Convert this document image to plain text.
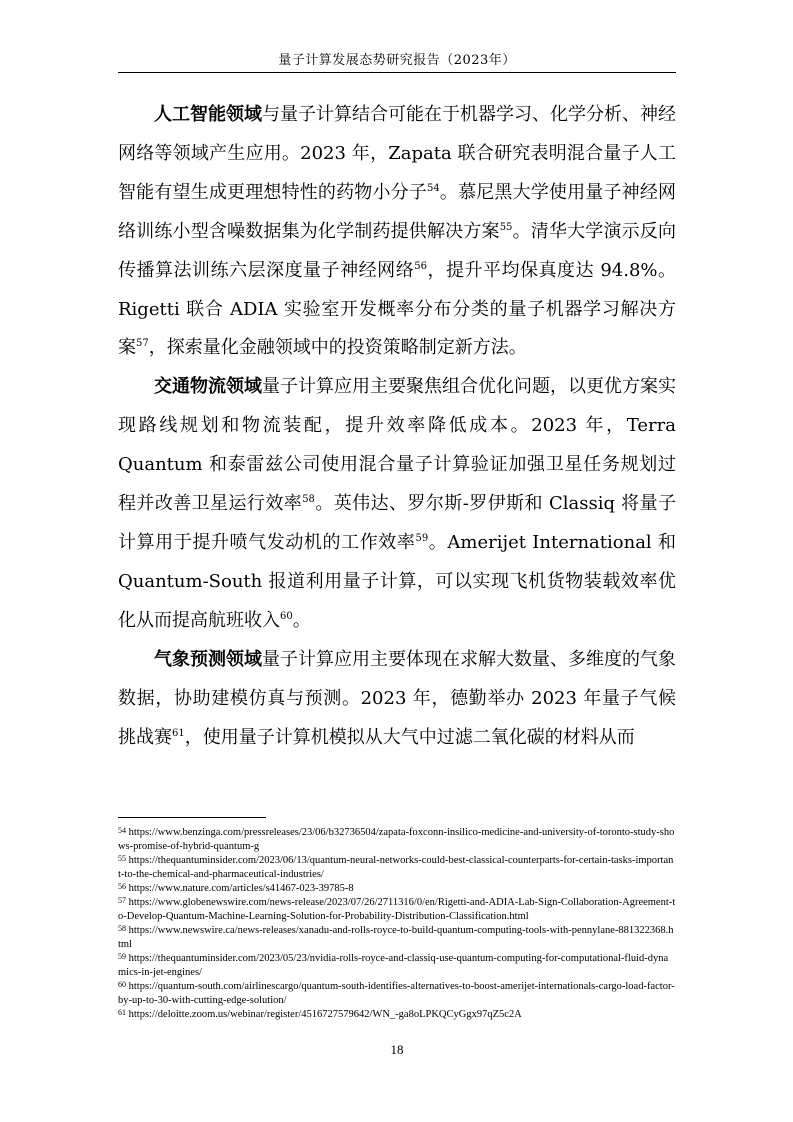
量子计算发展态势研究报告（2023年）

人工智能领域与量子计算结合可能在于机器学习、化学分析、神经网络等领域产生应用。2023 年，Zapata 联合研究表明混合量子人工智能有望生成更理想特性的药物小分子$^{54}$。慕尼黑大学使用量子神经网络训练小型含噪数据集为化学制药提供解决方案$^{55}$。清华大学演示反向传播算法训练六层深度量子神经网络$^{56}$，提升平均保真度达 94.8%。Rigetti 联合 ADIA 实验室开发概率分布分类的量子机器学习解决方案$^{57}$，探索量化金融领域中的投资策略制定新方法。

交通物流领域量子计算应用主要聚焦组合优化问题，以更优方案实现路线规划和物流装配，提升效率降低成本。2023 年，Terra Quantum 和泰雷兹公司使用混合量子计算验证加强卫星任务规划过程并改善卫星运行效率$^{58}$。英伟达、罗尔斯-罗伊斯和 Classiq 将量子计算用于提升喷气发动机的工作效率$^{59}$。Amerijet International 和 Quantum-South 报道利用量子计算，可以实现飞机货物装载效率优化从而提高航班收入$^{60}$。

气象预测领域量子计算应用主要体现在求解大数量、多维度的气象数据，协助建模仿真与预测。2023 年，德勤举办 2023 年量子气候挑战赛$^{61}$，使用量子计算机模拟从大气中过滤二氧化碳的材料从而

$^{54}$ https://www.benzinga.com/pressreleases/23/06/b32736504/zapata-foxconn-insilico-medicine-and-university-of-toronto-study-shows-promise-of-hybrid-quantum-g

$^{55}$ https://thequantuminsider.com/2023/06/13/quantum-neural-networks-could-best-classical-counterparts-for-certain-tasks-important-to-the-chemical-and-pharmaceutical-industries/

$^{56}$ https://www.nature.com/articles/s41467-023-39785-8

$^{57}$ https://www.globenewswire.com/news-release/2023/07/26/2711316/0/en/Rigetti-and-ADIA-Lab-Sign-Collaboration-Agreement-to-Develop-Quantum-Machine-Learning-Solution-for-Probability-Distribution-Classification.html

$^{58}$ https://www.newswire.ca/news-releases/xanadu-and-rolls-royce-to-build-quantum-computing-tools-with-pennylane-881322368.html

$^{59}$ https://thequantuminsider.com/2023/05/23/nvidia-rolls-royce-and-classiq-use-quantum-computing-for-computational-fluid-dynamics-in-jet-engines/

$^{60}$ https://quantum-south.com/airlinescargo/quantum-south-identifies-alternatives-to-boost-amerijet-internationals-cargo-load-factor-by-up-to-30-with-cutting-edge-solution/

$^{61}$ https://deloitte.zoom.us/webinar/register/4516727579642/WN_-ga8oLPKQCyGgx97qZ5c2A

18
